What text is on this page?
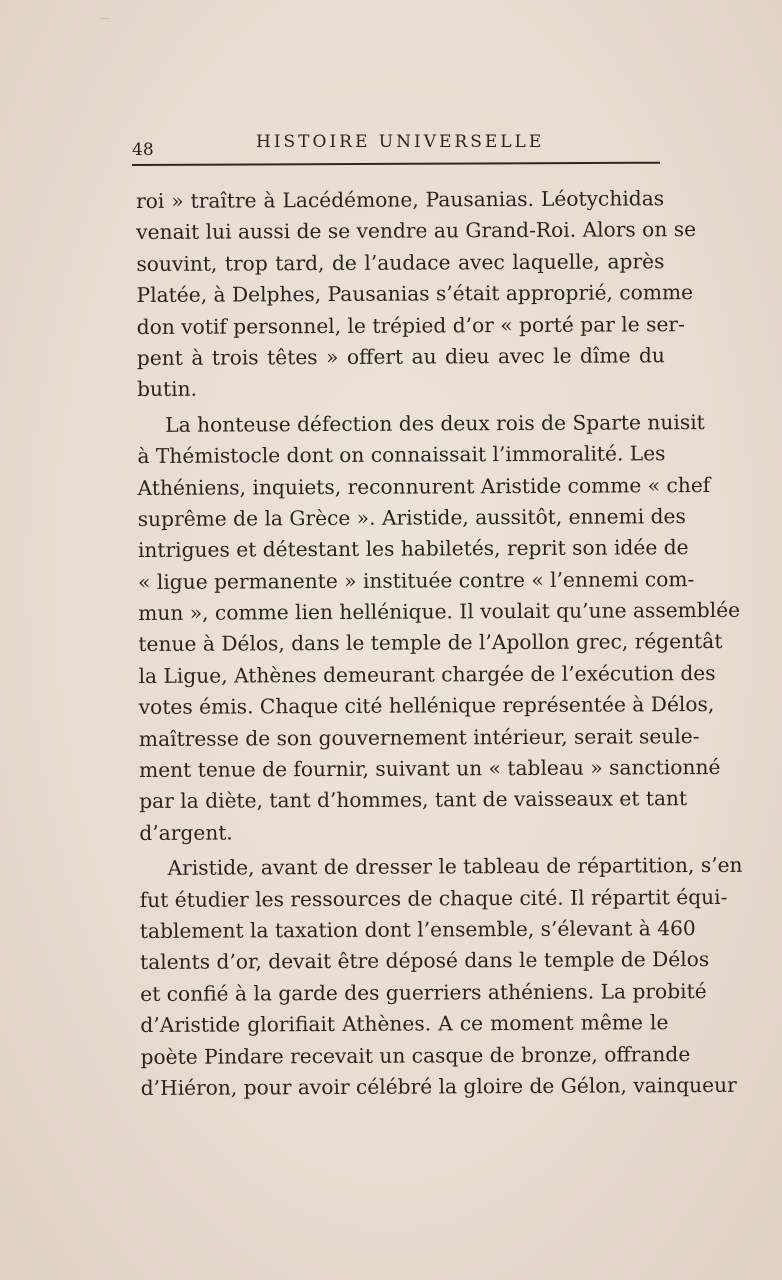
48	HISTOIRE UNIVERSELLE
roi » traître à Lacédémone, Pausanias. Léotychidas
venait lui aussi de se vendre au Grand-Roi. Alors on se
souvint, trop tard, de l’audace avec laquelle, après
Platée, à Delphes, Pausanias s’était approprié, comme
don votif personnel, le trépied d’or « porté par le ser-
pent à trois têtes » offert au dieu avec le dîme du
butin.
La honteuse défection des deux rois de Sparte nuisit
à Thémistocle dont on connaissait l’immoralité. Les
Athéniens, inquiets, reconnurent Aristide comme « chef
suprême de la Grèce ». Aristide, aussitôt, ennemi des
intrigues et détestant les habiletés, reprit son idée de
« ligue permanente » instituée contre « l’ennemi com-
mun », comme lien hellénique. Il voulait qu’une assemblée
tenue à Délos, dans le temple de l’Apollon grec, régentât
la Ligue, Athènes demeurant chargée de l’exécution des
votes émis. Chaque cité hellénique représentée à Délos,
maîtresse de son gouvernement intérieur, serait seule-
ment tenue de fournir, suivant un « tableau » sanctionné
par la diète, tant d’hommes, tant de vaisseaux et tant
d’argent.
Aristide, avant de dresser le tableau de répartition, s’en
fut étudier les ressources de chaque cité. Il répartit équi-
tablement la taxation dont l’ensemble, s’élevant à 460
talents d’or, devait être déposé dans le temple de Délos
et confié à la garde des guerriers athéniens. La probité
d’Aristide glorifiait Athènes. A ce moment même le
poète Pindare recevait un casque de bronze, offrande
d’Hiéron, pour avoir célébré la gloire de Gélon, vainqueur
